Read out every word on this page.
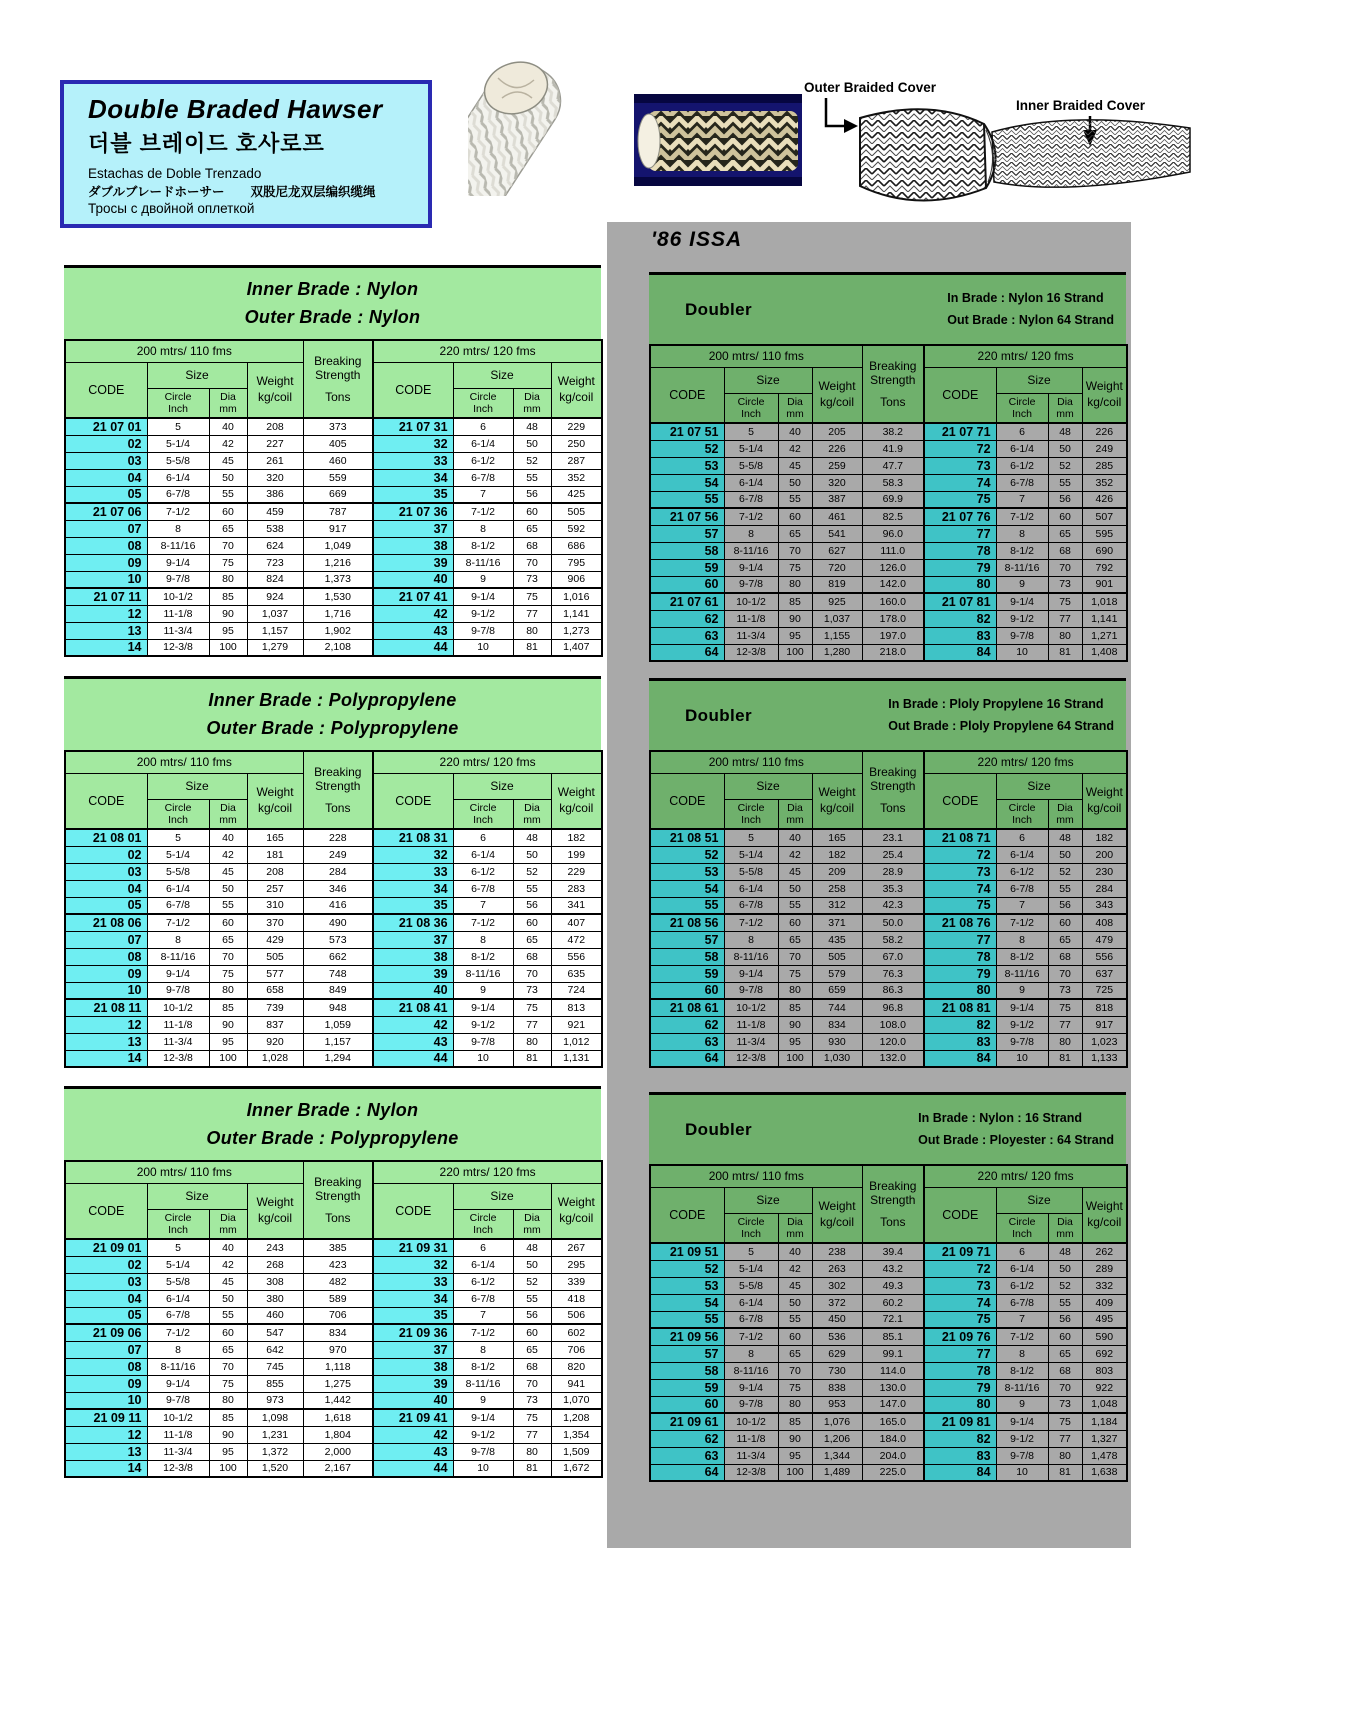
Double Braded Hawser
더블 브레이드 호사로프
Estachas de Doble Trenzado
ダブルブレードホーサー 双股尼龙双层编织缆绳
Тросы с двойной оплеткой
Outer Braided Cover
Inner Braided Cover
'86 ISSA
Inner Brade : Nylon
Outer Brade : Nylon
200 mtrs/ 110 fms				Breaking
Strength
Tons	220 mtrs/ 120 fms			
CODE	Size		Weight
kg/coil		CODE	Size		Weight
kg/coil
	Circle
Inch	Dia
mm				Circle
Inch	Dia
mm	
21 07 01	5	40	208	373	21 07 31	6	48	229
02	5-1/4	42	227	405	32	6-1/4	50	250
03	5-5/8	45	261	460	33	6-1/2	52	287
04	6-1/4	50	320	559	34	6-7/8	55	352
05	6-7/8	55	386	669	35	7	56	425
21 07 06	7-1/2	60	459	787	21 07 36	7-1/2	60	505
07	8	65	538	917	37	8	65	592
08	8-11/16	70	624	1,049	38	8-1/2	68	686
09	9-1/4	75	723	1,216	39	8-11/16	70	795
10	9-7/8	80	824	1,373	40	9	73	906
21 07 11	10-1/2	85	924	1,530	21 07 41	9-1/4	75	1,016
12	11-1/8	90	1,037	1,716	42	9-1/2	77	1,141
13	11-3/4	95	1,157	1,902	43	9-7/8	80	1,273
14	12-3/8	100	1,279	2,108	44	10	81	1,407
Inner Brade : Polypropylene
Outer Brade : Polypropylene
200 mtrs/ 110 fms				Breaking
Strength
Tons	220 mtrs/ 120 fms			
CODE	Size		Weight
kg/coil		CODE	Size		Weight
kg/coil
	Circle
Inch	Dia
mm				Circle
Inch	Dia
mm	
21 08 01	5	40	165	228	21 08 31	6	48	182
02	5-1/4	42	181	249	32	6-1/4	50	199
03	5-5/8	45	208	284	33	6-1/2	52	229
04	6-1/4	50	257	346	34	6-7/8	55	283
05	6-7/8	55	310	416	35	7	56	341
21 08 06	7-1/2	60	370	490	21 08 36	7-1/2	60	407
07	8	65	429	573	37	8	65	472
08	8-11/16	70	505	662	38	8-1/2	68	556
09	9-1/4	75	577	748	39	8-11/16	70	635
10	9-7/8	80	658	849	40	9	73	724
21 08 11	10-1/2	85	739	948	21 08 41	9-1/4	75	813
12	11-1/8	90	837	1,059	42	9-1/2	77	921
13	11-3/4	95	920	1,157	43	9-7/8	80	1,012
14	12-3/8	100	1,028	1,294	44	10	81	1,131
Inner Brade : Nylon
Outer Brade : Polypropylene
200 mtrs/ 110 fms				Breaking
Strength
Tons	220 mtrs/ 120 fms			
CODE	Size		Weight
kg/coil		CODE	Size		Weight
kg/coil
	Circle
Inch	Dia
mm				Circle
Inch	Dia
mm	
21 09 01	5	40	243	385	21 09 31	6	48	267
02	5-1/4	42	268	423	32	6-1/4	50	295
03	5-5/8	45	308	482	33	6-1/2	52	339
04	6-1/4	50	380	589	34	6-7/8	55	418
05	6-7/8	55	460	706	35	7	56	506
21 09 06	7-1/2	60	547	834	21 09 36	7-1/2	60	602
07	8	65	642	970	37	8	65	706
08	8-11/16	70	745	1,118	38	8-1/2	68	820
09	9-1/4	75	855	1,275	39	8-11/16	70	941
10	9-7/8	80	973	1,442	40	9	73	1,070
21 09 11	10-1/2	85	1,098	1,618	21 09 41	9-1/4	75	1,208
12	11-1/8	90	1,231	1,804	42	9-1/2	77	1,354
13	11-3/4	95	1,372	2,000	43	9-7/8	80	1,509
14	12-3/8	100	1,520	2,167	44	10	81	1,672
Doubler
In Brade : Nylon 16 Strand
Out Brade : Nylon 64 Strand
200 mtrs/ 110 fms				Breaking
Strength
Tons	220 mtrs/ 120 fms			
CODE	Size		Weight
kg/coil		CODE	Size		Weight
kg/coil
	Circle
Inch	Dia
mm				Circle
Inch	Dia
mm	
21 07 51	5	40	205	38.2	21 07 71	6	48	226
52	5-1/4	42	226	41.9	72	6-1/4	50	249
53	5-5/8	45	259	47.7	73	6-1/2	52	285
54	6-1/4	50	320	58.3	74	6-7/8	55	352
55	6-7/8	55	387	69.9	75	7	56	426
21 07 56	7-1/2	60	461	82.5	21 07 76	7-1/2	60	507
57	8	65	541	96.0	77	8	65	595
58	8-11/16	70	627	111.0	78	8-1/2	68	690
59	9-1/4	75	720	126.0	79	8-11/16	70	792
60	9-7/8	80	819	142.0	80	9	73	901
21 07 61	10-1/2	85	925	160.0	21 07 81	9-1/4	75	1,018
62	11-1/8	90	1,037	178.0	82	9-1/2	77	1,141
63	11-3/4	95	1,155	197.0	83	9-7/8	80	1,271
64	12-3/8	100	1,280	218.0	84	10	81	1,408
Doubler
In Brade : Ploly Propylene 16 Strand
Out Brade : Ploly Propylene 64 Strand
200 mtrs/ 110 fms				Breaking
Strength
Tons	220 mtrs/ 120 fms			
CODE	Size		Weight
kg/coil		CODE	Size		Weight
kg/coil
	Circle
Inch	Dia
mm				Circle
Inch	Dia
mm	
21 08 51	5	40	165	23.1	21 08 71	6	48	182
52	5-1/4	42	182	25.4	72	6-1/4	50	200
53	5-5/8	45	209	28.9	73	6-1/2	52	230
54	6-1/4	50	258	35.3	74	6-7/8	55	284
55	6-7/8	55	312	42.3	75	7	56	343
21 08 56	7-1/2	60	371	50.0	21 08 76	7-1/2	60	408
57	8	65	435	58.2	77	8	65	479
58	8-11/16	70	505	67.0	78	8-1/2	68	556
59	9-1/4	75	579	76.3	79	8-11/16	70	637
60	9-7/8	80	659	86.3	80	9	73	725
21 08 61	10-1/2	85	744	96.8	21 08 81	9-1/4	75	818
62	11-1/8	90	834	108.0	82	9-1/2	77	917
63	11-3/4	95	930	120.0	83	9-7/8	80	1,023
64	12-3/8	100	1,030	132.0	84	10	81	1,133
Doubler
In Brade : Nylon : 16 Strand
Out Brade : Ployester : 64 Strand
200 mtrs/ 110 fms				Breaking
Strength
Tons	220 mtrs/ 120 fms			
CODE	Size		Weight
kg/coil		CODE	Size		Weight
kg/coil
	Circle
Inch	Dia
mm				Circle
Inch	Dia
mm	
21 09 51	5	40	238	39.4	21 09 71	6	48	262
52	5-1/4	42	263	43.2	72	6-1/4	50	289
53	5-5/8	45	302	49.3	73	6-1/2	52	332
54	6-1/4	50	372	60.2	74	6-7/8	55	409
55	6-7/8	55	450	72.1	75	7	56	495
21 09 56	7-1/2	60	536	85.1	21 09 76	7-1/2	60	590
57	8	65	629	99.1	77	8	65	692
58	8-11/16	70	730	114.0	78	8-1/2	68	803
59	9-1/4	75	838	130.0	79	8-11/16	70	922
60	9-7/8	80	953	147.0	80	9	73	1,048
21 09 61	10-1/2	85	1,076	165.0	21 09 81	9-1/4	75	1,184
62	11-1/8	90	1,206	184.0	82	9-1/2	77	1,327
63	11-3/4	95	1,344	204.0	83	9-7/8	80	1,478
64	12-3/8	100	1,489	225.0	84	10	81	1,638
